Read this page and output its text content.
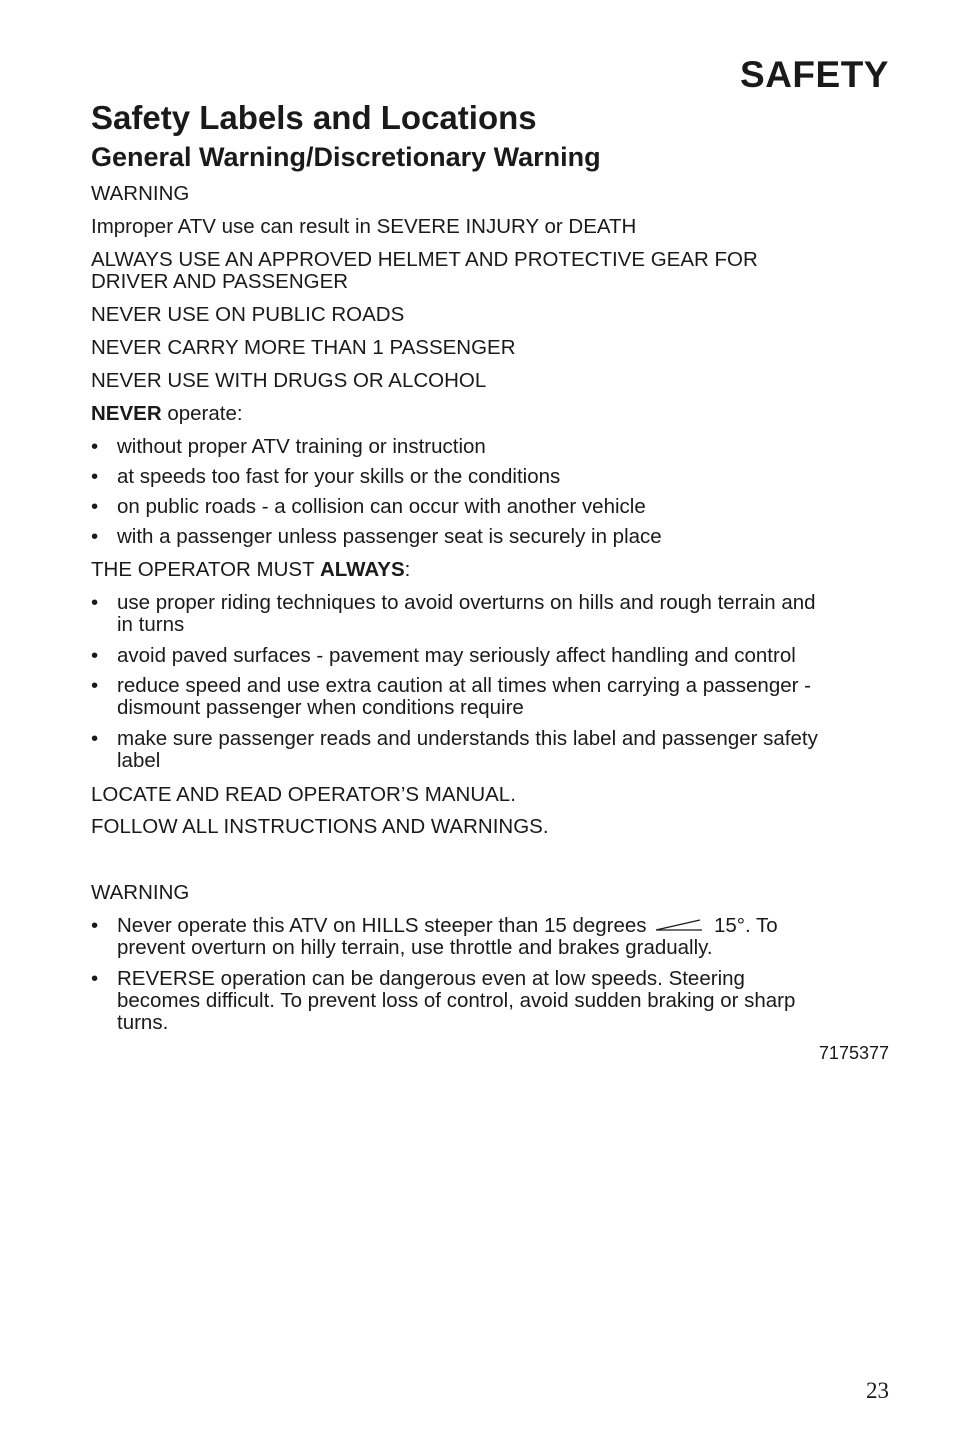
SAFETY
Safety Labels and Locations
General Warning/Discretionary Warning
WARNING
Improper ATV use can result in SEVERE INJURY or DEATH
ALWAYS USE AN APPROVED HELMET AND PROTECTIVE GEAR FOR
DRIVER AND PASSENGER
NEVER USE ON PUBLIC ROADS
NEVER CARRY MORE THAN 1 PASSENGER
NEVER USE WITH DRUGS OR ALCOHOL
NEVER operate:
• without proper ATV training or instruction
• at speeds too fast for your skills or the conditions
• on public roads - a collision can occur with another vehicle
• with a passenger unless passenger seat is securely in place
THE OPERATOR MUST ALWAYS:
• use proper riding techniques to avoid overturns on hills and rough terrain and
in turns
• avoid paved surfaces - pavement may seriously affect handling and control
• reduce speed and use extra caution at all times when carrying a passenger -
dismount passenger when conditions require
• make sure passenger reads and understands this label and passenger safety
label
LOCATE AND READ OPERATOR’S MANUAL.
FOLLOW ALL INSTRUCTIONS AND WARNINGS.
WARNING
• Never operate this ATV on HILLS steeper than 15 degrees	15°. To
prevent overturn on hilly terrain, use throttle and brakes gradually.
• REVERSE operation can be dangerous even at low speeds. Steering
becomes difficult. To prevent loss of control, avoid sudden braking or sharp
turns.
7175377
23
